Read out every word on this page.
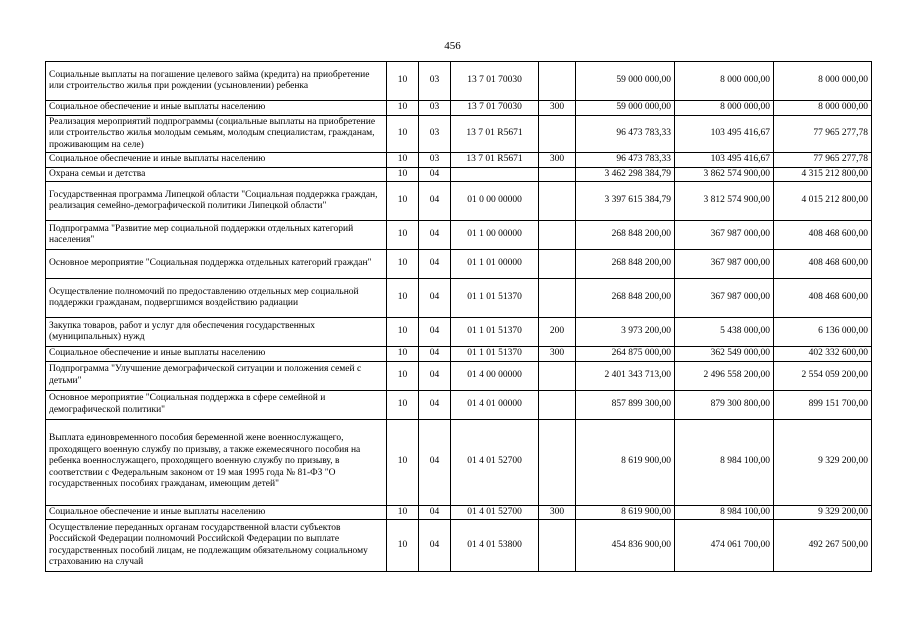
456
Социальные выплаты на погашение целевого займа (кредита) на приобретение или строительство жилья при рождении (усыновлении) ребенка	10	03	13 7 01 70030		59 000 000,00	8 000 000,00	8 000 000,00
Социальное обеспечение и иные выплаты населению	10	03	13 7 01 70030	300	59 000 000,00	8 000 000,00	8 000 000,00
Реализация мероприятий подпрограммы (социальные выплаты на приобретение или строительство жилья молодым семьям, молодым специалистам, гражданам, проживающим на селе)	10	03	13 7 01 R5671		96 473 783,33	103 495 416,67	77 965 277,78
Социальное обеспечение и иные выплаты населению	10	03	13 7 01 R5671	300	96 473 783,33	103 495 416,67	77 965 277,78
Охрана семьи и детства	10	04			3 462 298 384,79	3 862 574 900,00	4 315 212 800,00
Государственная программа Липецкой области "Социальная поддержка граждан, реализация семейно-демографической политики Липецкой области"	10	04	01 0 00 00000		3 397 615 384,79	3 812 574 900,00	4 015 212 800,00
Подпрограмма "Развитие мер социальной поддержки отдельных категорий населения"	10	04	01 1 00 00000		268 848 200,00	367 987 000,00	408 468 600,00
Основное мероприятие "Социальная поддержка отдельных категорий граждан"	10	04	01 1 01 00000		268 848 200,00	367 987 000,00	408 468 600,00
Осуществление полномочий по предоставлению отдельных мер социальной поддержки гражданам, подвергшимся воздействию радиации	10	04	01 1 01 51370		268 848 200,00	367 987 000,00	408 468 600,00
Закупка товаров, работ и услуг для обеспечения государственных (муниципальных) нужд	10	04	01 1 01 51370	200	3 973 200,00	5 438 000,00	6 136 000,00
Социальное обеспечение и иные выплаты населению	10	04	01 1 01 51370	300	264 875 000,00	362 549 000,00	402 332 600,00
Подпрограмма "Улучшение демографической ситуации и положения семей с детьми"	10	04	01 4 00 00000		2 401 343 713,00	2 496 558 200,00	2 554 059 200,00
Основное мероприятие "Социальная поддержка в сфере семейной и демографической политики"	10	04	01 4 01 00000		857 899 300,00	879 300 800,00	899 151 700,00
Выплата единовременного пособия беременной жене военнослужащего, проходящего военную службу по призыву, а также ежемесячного пособия на ребенка военнослужащего, проходящего военную службу по призыву, в соответствии с Федеральным законом от 19 мая 1995 года № 81-ФЗ "О государственных пособиях гражданам, имеющим детей"	10	04	01 4 01 52700		8 619 900,00	8 984 100,00	9 329 200,00
Социальное обеспечение и иные выплаты населению	10	04	01 4 01 52700	300	8 619 900,00	8 984 100,00	9 329 200,00
Осуществление переданных органам государственной власти субъектов Российской Федерации полномочий Российской Федерации по выплате государственных пособий лицам, не подлежащим обязательному социальному страхованию на случай	10	04	01 4 01 53800		454 836 900,00	474 061 700,00	492 267 500,00
